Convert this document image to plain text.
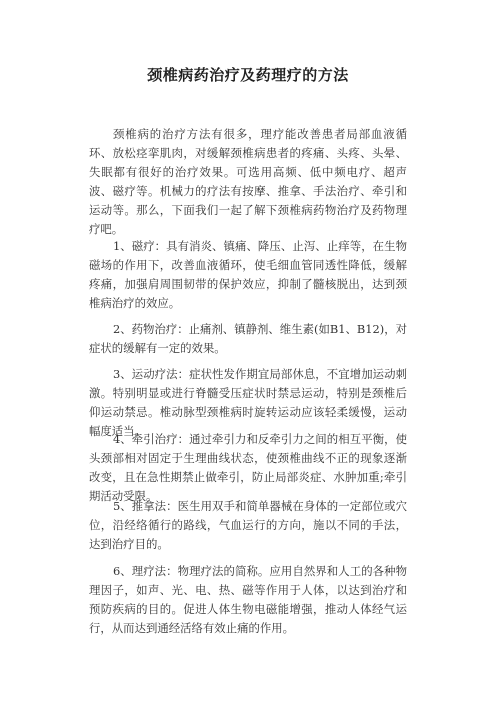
颈椎病药治疗及药理疗的方法

颈椎病的治疗方法有很多，理疗能改善患者局部血液循环、放松痉挛肌肉，对缓解颈椎病患者的疼痛、头疼、头晕、失眠都有很好的治疗效果。可选用高频、低中频电疗、超声波、磁疗等。机械力的疗法有按摩、推拿、手法治疗、牵引和运动等。那么，下面我们一起了解下颈椎病药物治疗及药物理疗吧。

1、磁疗：具有消炎、镇痛、降压、止泻、止痒等，在生物磁场的作用下，改善血液循环，使毛细血管同透性降低，缓解疼痛，加强肩周围韧带的保护效应，抑制了髓核脱出，达到颈椎病治疗的效应。

2、药物治疗：止痛剂、镇静剂、维生素(如B1、B12)，对症状的缓解有一定的效果。

3、运动疗法：症状性发作期宜局部休息，不宜增加运动刺激。特别明显或进行脊髓受压症状时禁忌运动，特别是颈椎后仰运动禁忌。椎动脉型颈椎病时旋转运动应该轻柔缓慢，运动幅度适当。

4、牵引治疗：通过牵引力和反牵引力之间的相互平衡，使头颈部相对固定于生理曲线状态，使颈椎曲线不正的现象逐渐改变，且在急性期禁止做牵引，防止局部炎症、水肿加重;牵引期活动受限。

5、推拿法：医生用双手和简单器械在身体的一定部位或穴位，沿经络循行的路线，气血运行的方向，施以不同的手法，达到治疗目的。

6、理疗法：物理疗法的简称。应用自然界和人工的各种物理因子，如声、光、电、热、磁等作用于人体，以达到治疗和预防疾病的目的。促进人体生物电磁能增强，推动人体经气运行，从而达到通经活络有效止痛的作用。
